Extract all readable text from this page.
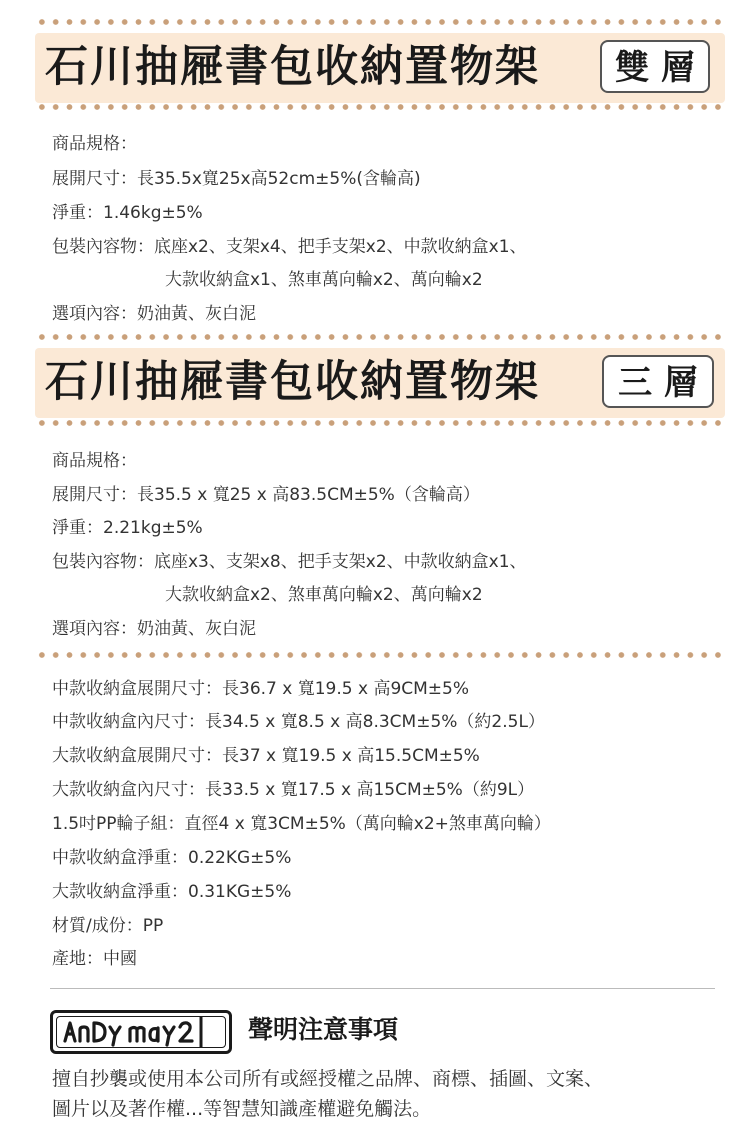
石川抽屜書包收納置物架	雙 層
商品規格：
展開尺寸：長35.5x寬25x高52cm±5%(含輪高)
淨重：1.46kg±5%
包裝內容物：底座x2、支架x4、把手支架x2、中款收納盒x1、
大款收納盒x1、煞車萬向輪x2、萬向輪x2
選項內容：奶油黃、灰白泥
石川抽屜書包收納置物架	三 層
商品規格：
展開尺寸：長35.5 x 寬25 x 高83.5CM±5%（含輪高）
淨重：2.21kg±5%
包裝內容物：底座x3、支架x8、把手支架x2、中款收納盒x1、
大款收納盒x2、煞車萬向輪x2、萬向輪x2
選項內容：奶油黃、灰白泥
中款收納盒展開尺寸：長36.7 x 寬19.5 x 高9CM±5%
中款收納盒內尺寸：長34.5 x 寬8.5 x 高8.3CM±5%（約2.5L）
大款收納盒展開尺寸：長37 x 寬19.5 x 高15.5CM±5%
大款收納盒內尺寸：長33.5 x 寬17.5 x 高15CM±5%（約9L）
1.5吋PP輪子組：直徑4 x 寬3CM±5%（萬向輪x2+煞車萬向輪）
中款收納盒淨重：0.22KG±5%
大款收納盒淨重：0.31KG±5%
材質/成份：PP
產地：中國
聲明注意事項
擅自抄襲或使用本公司所有或經授權之品牌、商標、插圖、文案、
圖片以及著作權...等智慧知識產權避免觸法。
